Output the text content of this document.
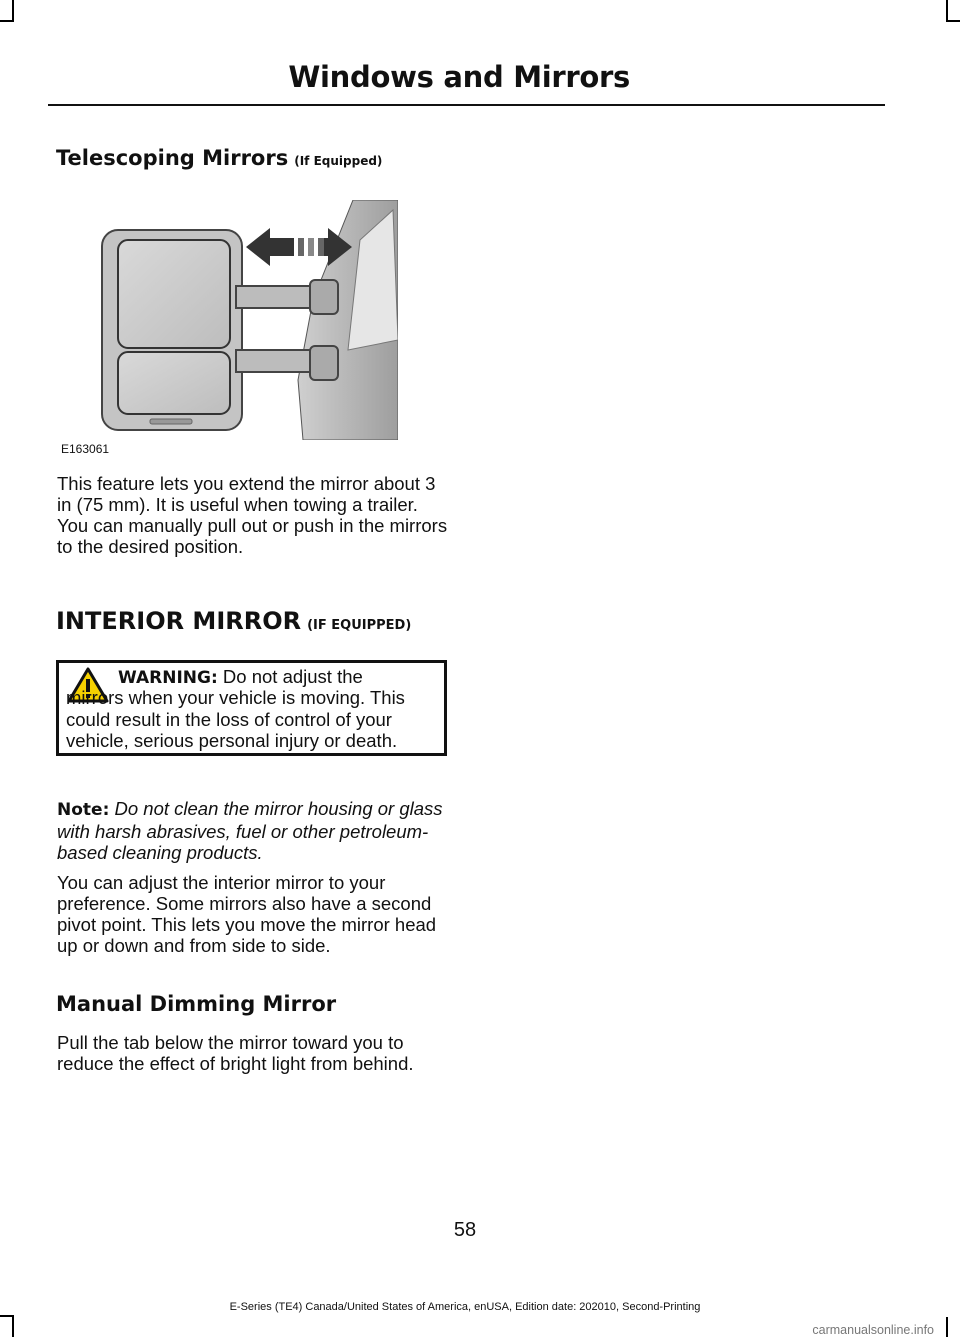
Windows and Mirrors
Telescoping Mirrors (If Equipped)
E163061
This feature lets you extend the mirror about 3 in (75 mm). It is useful when towing a trailer. You can manually pull out or push in the mirrors to the desired position.
INTERIOR MIRROR (IF EQUIPPED)
WARNING: Do not adjust the
mirrors when your vehicle is moving. This could result in the loss of control of your vehicle, serious personal injury or death.
Note: Do not clean the mirror housing or glass with harsh abrasives, fuel or other petroleum-based cleaning products.
You can adjust the interior mirror to your preference. Some mirrors also have a second pivot point. This lets you move the mirror head up or down and from side to side.
Manual Dimming Mirror
Pull the tab below the mirror toward you to reduce the effect of bright light from behind.
58
E-Series (TE4) Canada/United States of America, enUSA, Edition date: 202010, Second-Printing
carmanualsonline.info
